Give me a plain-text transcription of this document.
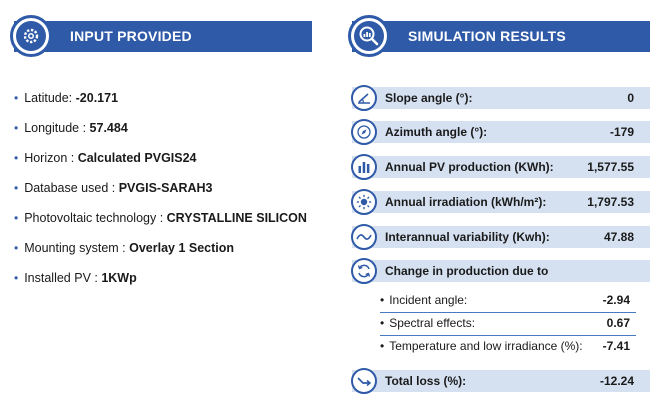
INPUT PROVIDED
• Latitude: -20.171
• Longitude : 57.484
• Horizon : Calculated PVGIS24
• Database used : PVGIS-SARAH3
• Photovoltaic technology : CRYSTALLINE SILICON
• Mounting system : Overlay 1 Section
• Installed PV : 1KWp
SIMULATION RESULTS
Slope angle (°):	0
Azimuth angle (°):	-179
Annual PV production (KWh):	1,577.55
Annual irradiation (kWh/m²):	1,797.53
Interannual variability (Kwh):	47.88
Change in production due to
• Incident angle:	-2.94
• Spectral effects:	0.67
• Temperature and low irradiance (%): -7.41
Total loss (%):	-12.24
